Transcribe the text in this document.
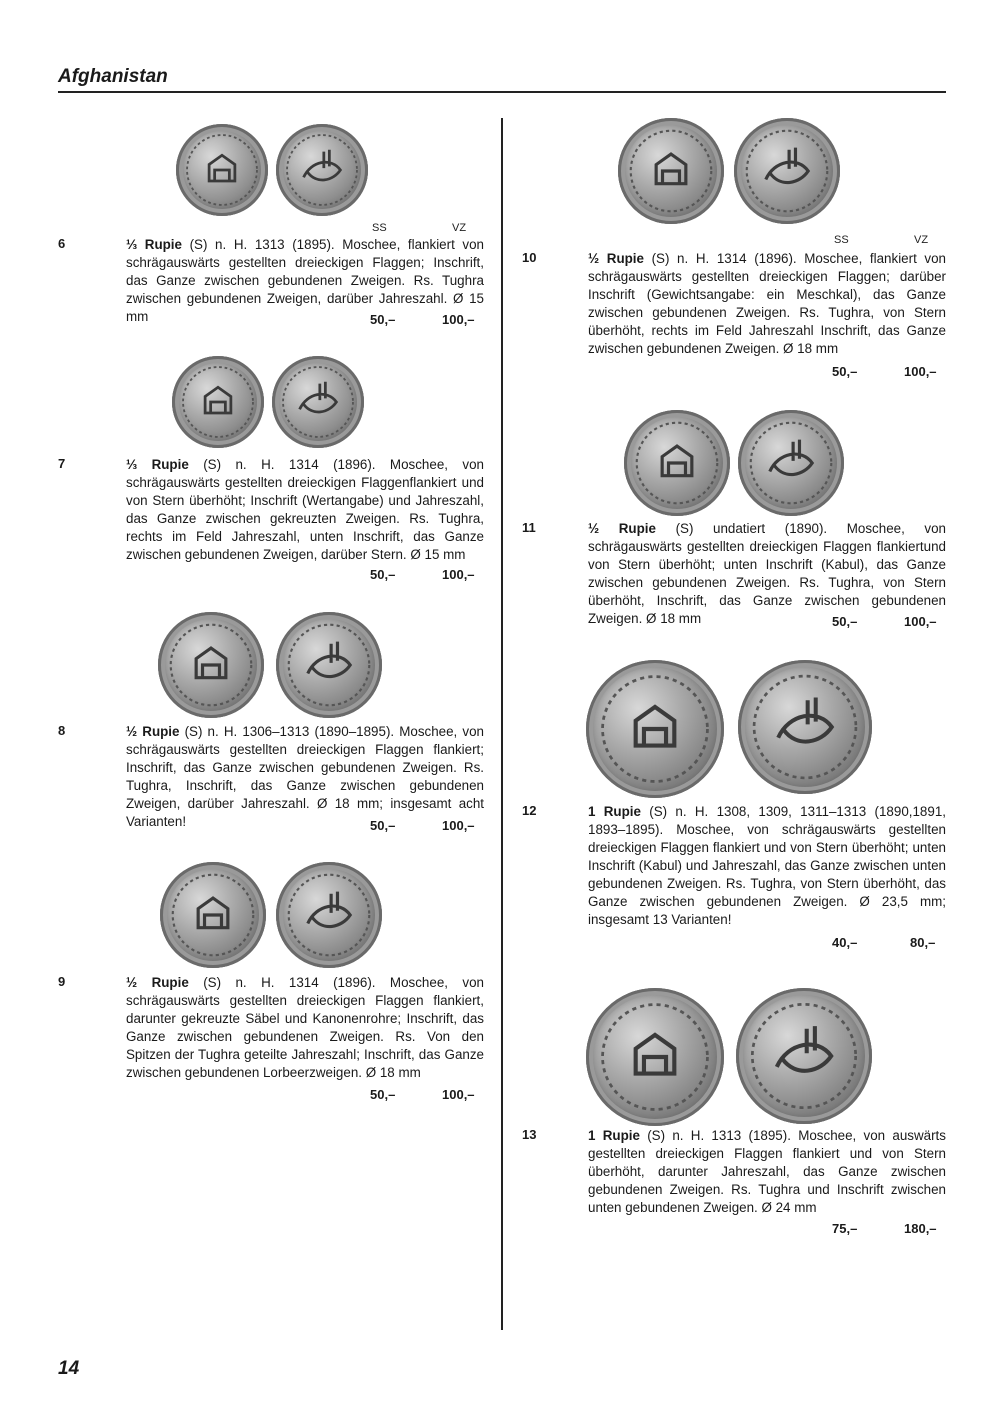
Afghanistan
SS	VZ
6	⅓ Rupie (S) n. H. 1313 (1895). Moschee, flankiert von schrägauswärts gestellten dreieckigen Flaggen; Inschrift, das Ganze zwischen gebundenen Zweigen. Rs. Tughra zwischen gebundenen Zweigen, darüber Jahreszahl. Ø 15 mm	50,–	100,–
7	⅓ Rupie (S) n. H. 1314 (1896). Moschee, von schrägauswärts gestellten dreieckigen Flaggenflankiert und von Stern überhöht; Inschrift (Wertangabe) und Jahreszahl, das Ganze zwischen gekreuzten Zweigen. Rs. Tughra, rechts im Feld Jahreszahl, unten Inschrift, das Ganze zwischen gebundenen Zweigen, darüber Stern. Ø 15 mm
50,–	100,–
8	½ Rupie (S) n. H. 1306–1313 (1890–1895). Moschee, von schrägauswärts gestellten dreieckigen Flaggen flankiert; Inschrift, das Ganze zwischen gebundenen Zweigen. Rs. Tughra, Inschrift, das Ganze zwischen gebundenen Zweigen, darüber Jahreszahl. Ø 18 mm; insgesamt acht Varianten!	50,–	100,–
9	½ Rupie (S) n. H. 1314 (1896). Moschee, von schrägauswärts gestellten dreieckigen Flaggen flankiert, darunter gekreuzte Säbel und Kanonenrohre; Inschrift, das Ganze zwischen gebundenen Zweigen. Rs. Von den Spitzen der Tughra geteilte Jahreszahl; Inschrift, das Ganze zwischen gebundenen Lorbeerzweigen. Ø 18 mm
50,–	100,–
SS	VZ
10	½ Rupie (S) n. H. 1314 (1896). Moschee, flankiert von schrägauswärts gestellten dreieckigen Flaggen; darüber Inschrift (Gewichtsangabe: ein Meschkal), das Ganze zwischen gebundenen Zweigen. Rs. Tughra, von Stern überhöht, rechts im Feld Jahreszahl Inschrift, das Ganze zwischen gebundenen Zweigen. Ø 18 mm
50,–	100,–
11	½ Rupie (S) undatiert (1890). Moschee, von schrägauswärts gestellten dreieckigen Flaggen flankiertund von Stern überhöht; unten Inschrift (Kabul), das Ganze zwischen gebundenen Zweigen. Rs. Tughra, von Stern überhöht, Inschrift, das Ganze zwischen gebundenen Zweigen. Ø 18 mm	50,–	100,–
12	1 Rupie (S) n. H. 1308, 1309, 1311–1313 (1890,1891, 1893–1895). Moschee, von schrägauswärts gestellten dreieckigen Flaggen flankiert und von Stern überhöht; unten Inschrift (Kabul) und Jahreszahl, das Ganze zwischen unten gebundenen Zweigen. Rs. Tughra, von Stern überhöht, das Ganze zwischen gebundenen Zweigen. Ø 23,5 mm; insgesamt 13 Varianten!
40,–	80,–
13	1 Rupie (S) n. H. 1313 (1895). Moschee, von auswärts gestellten dreieckigen Flaggen flankiert und von Stern überhöht, darunter Jahreszahl, das Ganze zwischen gebundenen Zweigen. Rs. Tughra und Inschrift zwischen unten gebundenen Zweigen. Ø 24 mm
75,–	180,–
14
